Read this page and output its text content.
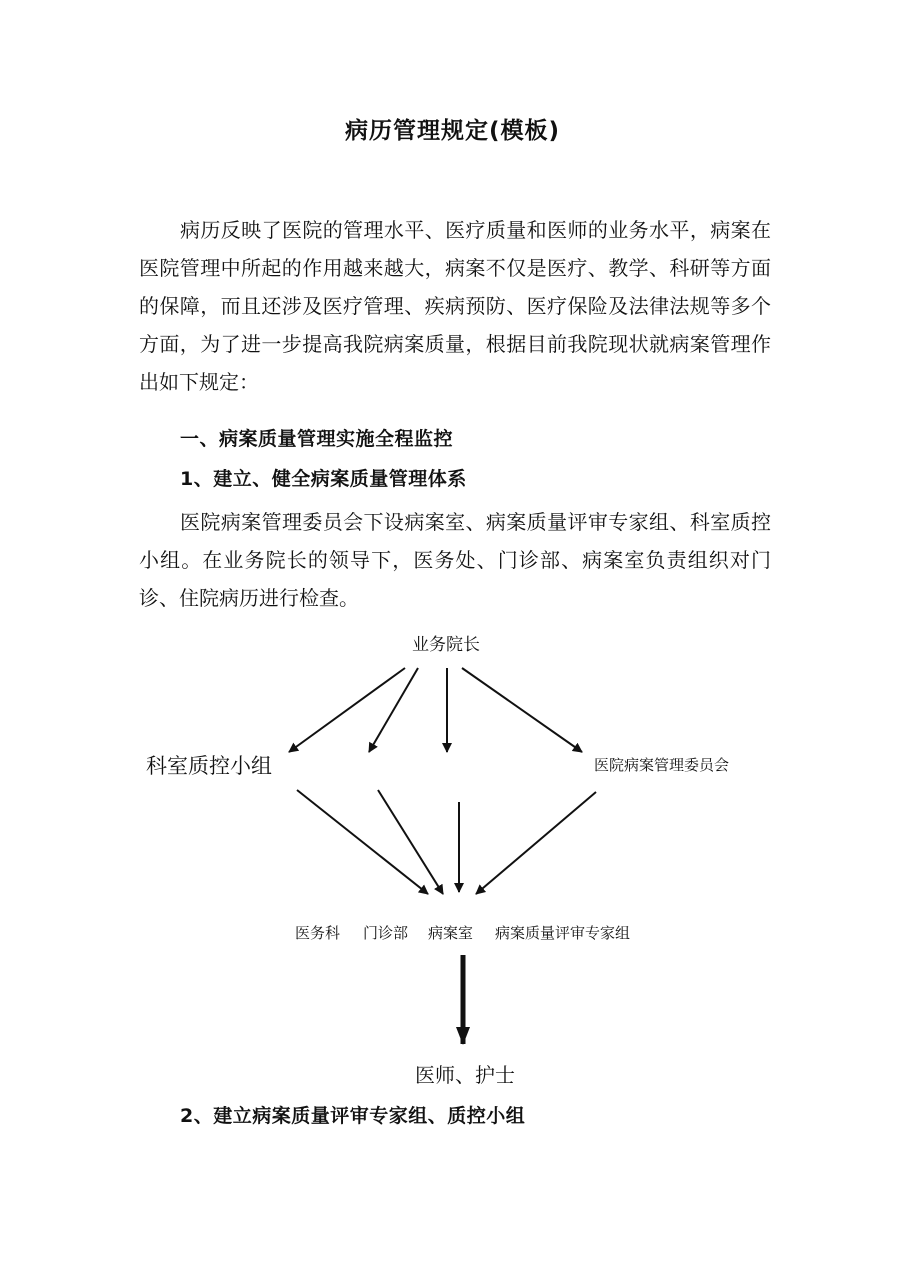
病历管理规定(模板)

病历反映了医院的管理水平、医疗质量和医师的业务水平，病案在医院管理中所起的作用越来越大，病案不仅是医疗、教学、科研等方面的保障，而且还涉及医疗管理、疾病预防、医疗保险及法律法规等多个方面，为了进一步提高我院病案质量，根据目前我院现状就病案管理作出如下规定：

一、病案质量管理实施全程监控
1、建立、健全病案质量管理体系

医院病案管理委员会下设病案室、病案质量评审专家组、科室质控小组。在业务院长的领导下，医务处、门诊部、病案室负责组织对门诊、住院病历进行检查。

业务院长
科室质控小组	医院病案管理委员会
医务科 门诊部 病案室 病案质量评审专家组
医师、护士
2、建立病案质量评审专家组、质控小组
